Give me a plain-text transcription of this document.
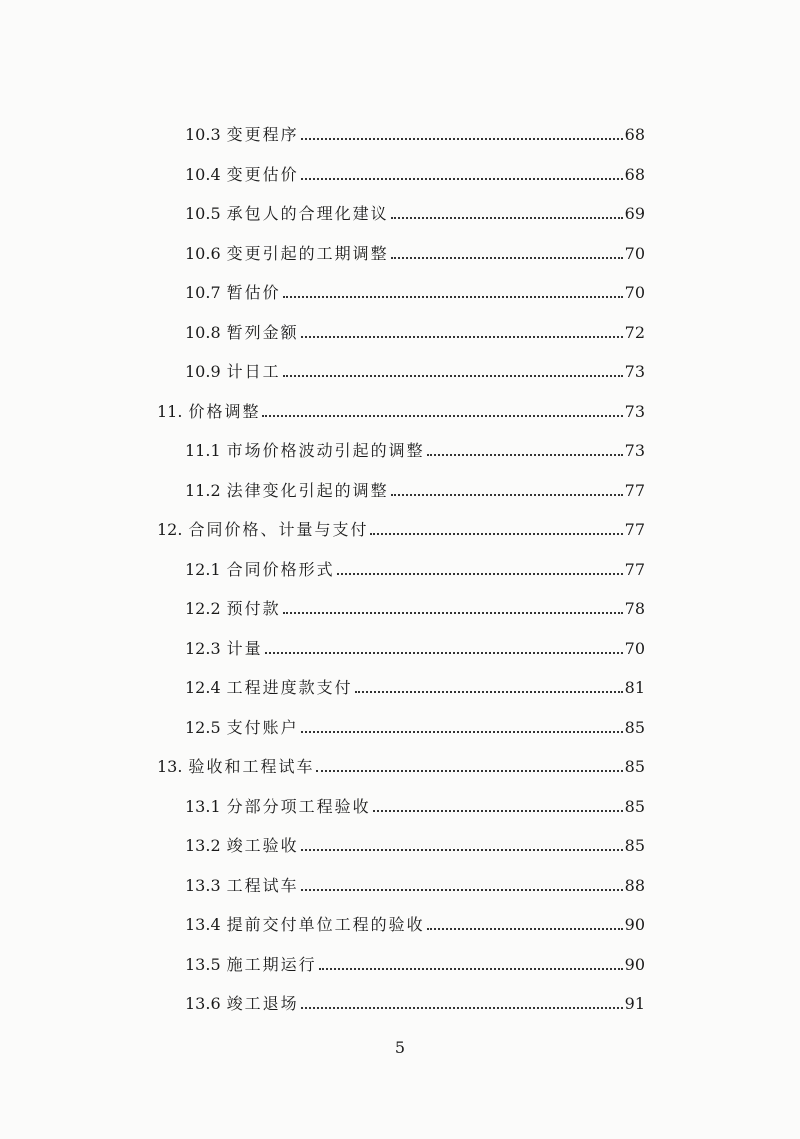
10.3 变更程序	68
10.4 变更估价	68
10.5 承包人的合理化建议	69
10.6 变更引起的工期调整	70
10.7 暂估价	70
10.8 暂列金额	72
10.9 计日工	73
11. 价格调整	73
11.1 市场价格波动引起的调整	73
11.2 法律变化引起的调整	77
12. 合同价格、计量与支付	77
12.1 合同价格形式	77
12.2 预付款	78
12.3 计量	70
12.4 工程进度款支付	81
12.5 支付账户	85
13. 验收和工程试车	85
13.1 分部分项工程验收	85
13.2 竣工验收	85
13.3 工程试车	88
13.4 提前交付单位工程的验收	90
13.5 施工期运行	90
13.6 竣工退场	91
5
